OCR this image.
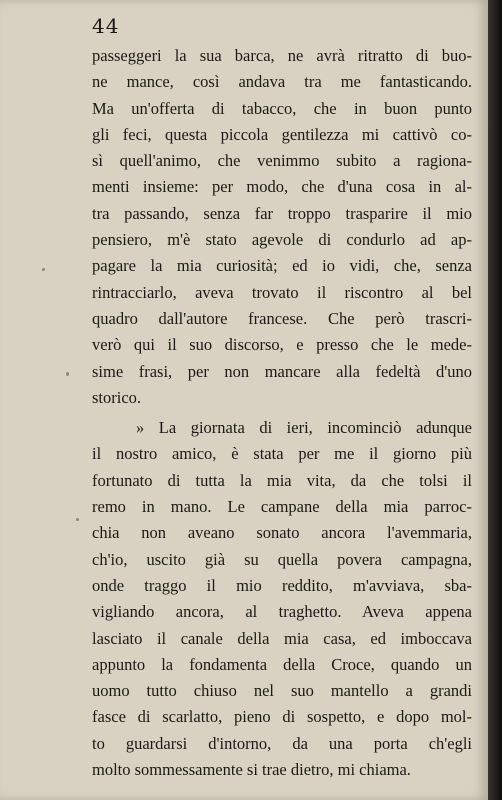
44
passeggeri la sua barca, ne avrà ritratto di buo-
ne mance, così andava tra me fantasticando.
Ma un'offerta di tabacco, che in buon punto
gli feci, questa piccola gentilezza mi cattivò co-
sì quell'animo, che venimmo subito a ragiona-
menti insieme: per modo, che d'una cosa in al-
tra passando, senza far troppo trasparire il mio
pensiero, m'è stato agevole di condurlo ad ap-
pagare la mia curiosità; ed io vidi, che, senza
rintracciarlo, aveva trovato il riscontro al bel
quadro dall'autore francese. Che però trascri-
verò qui il suo discorso, e presso che le mede-
sime frasi, per non mancare alla fedeltà d'uno
storico.
» La giornata di ieri, incominciò adunque
il nostro amico, è stata per me il giorno più
fortunato di tutta la mia vita, da che tolsi il
remo in mano. Le campane della mia parroc-
chia non aveano sonato ancora l'avemmaria,
ch'io, uscito già su quella povera campagna,
onde traggo il mio reddito, m'avviava, sba-
vigliando ancora, al traghetto. Aveva appena
lasciato il canale della mia casa, ed imboccava
appunto la fondamenta della Croce, quando un
uomo tutto chiuso nel suo mantello a grandi
fasce di scarlatto, pieno di sospetto, e dopo mol-
to guardarsi d'intorno, da una porta ch'egli
molto sommessamente si trae dietro, mi chiama.
